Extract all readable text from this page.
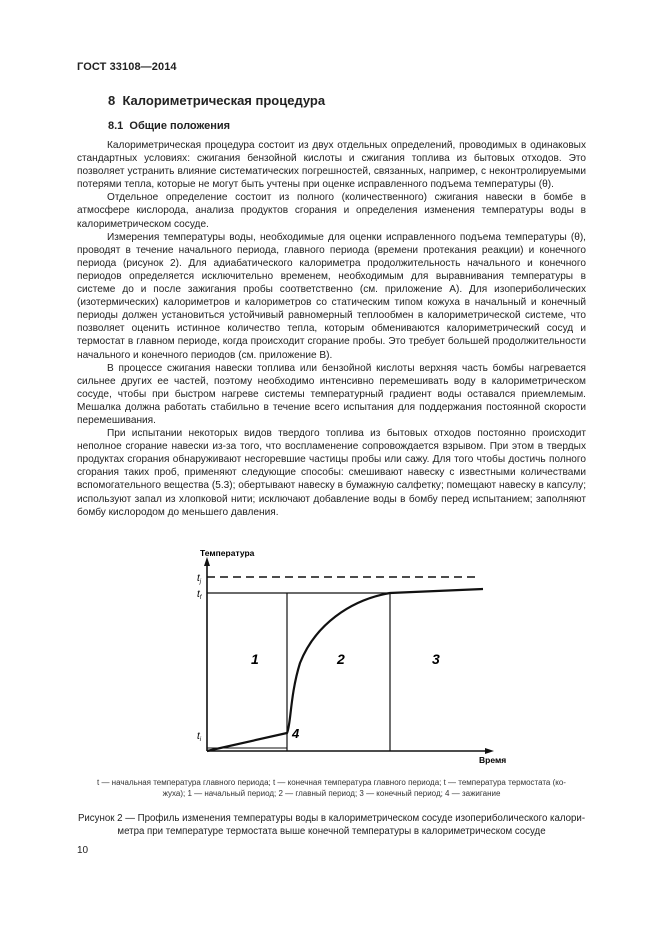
ГОСТ 33108—2014
8 Калориметрическая процедура
8.1 Общие положения

Калориметрическая процедура состоит из двух отдельных определений, проводимых в одинаковых стандартных условиях: сжигания бензойной кислоты и сжигания топлива из бытовых отходов. Это позволяет устранить влияние систематических погрешностей, связанных, например, с неконтролируемыми потерями тепла, которые не могут быть учтены при оценке исправленного подъема температуры (θ).

Отдельное определение состоит из полного (количественного) сжигания навески в бомбе в атмосфере кислорода, анализа продуктов сгорания и определения изменения температуры воды в калориметрическом сосуде.

Измерения температуры воды, необходимые для оценки исправленного подъема температуры (θ), проводят в течение начального периода, главного периода (времени протекания реакции) и конечного периода (рисунок 2). Для адиабатического калориметра продолжительность начального и конечного периодов определяется исключительно временем, необходимым для выравнивания температуры в системе до и после зажигания пробы соответственно (см. приложение А). Для изопериболических (изотермических) калориметров и калориметров со статическим типом кожуха в начальный и конечный периоды должен установиться устойчивый равномерный теплообмен в калориметрической системе, что позволяет оценить истинное количество тепла, которым обмениваются калориметрический сосуд и термостат в главном периоде, когда происходит сгорание пробы. Это требует большей продолжительности начального и конечного периодов (см. приложение В).

В процессе сжигания навески топлива или бензойной кислоты верхняя часть бомбы нагревается сильнее других ее частей, поэтому необходимо интенсивно перемешивать воду в калориметрическом сосуде, чтобы при быстром нагреве системы температурный градиент воды оставался приемлемым. Мешалка должна работать стабильно в течение всего испытания для поддержания постоянной скорости перемешивания.

При испытании некоторых видов твердого топлива из бытовых отходов постоянно происходит неполное сгорание навески из-за того, что воспламенение сопровождается взрывом. При этом в твердых продуктах сгорания обнаруживают несгоревшие частицы пробы или сажу. Для того чтобы достичь полного сгорания таких проб, применяют следующие способы: смешивают навеску с известными количествами вспомогательного вещества (5.3); обертывают навеску в бумажную салфетку; помещают навеску в капсулу; используют запал из хлопковой нити; исключают добавление воды в бомбу перед испытанием; заполняют бомбу кислородом до меньшего давления.

Температура
Время
$t_j$
$t_f$
$t_i$
1	2	3
4
t — начальная температура главного периода; t — конечная температура главного периода; t — температура термостата (ко-
жуха); 1 — начальный период; 2 — главный период; 3 — конечный период; 4 — зажигание
Рисунок 2 — Профиль изменения температуры воды в калориметрическом сосуде изопериболического калори-
метра при температуре термостата выше конечной температуры в калориметрическом сосуде
10
